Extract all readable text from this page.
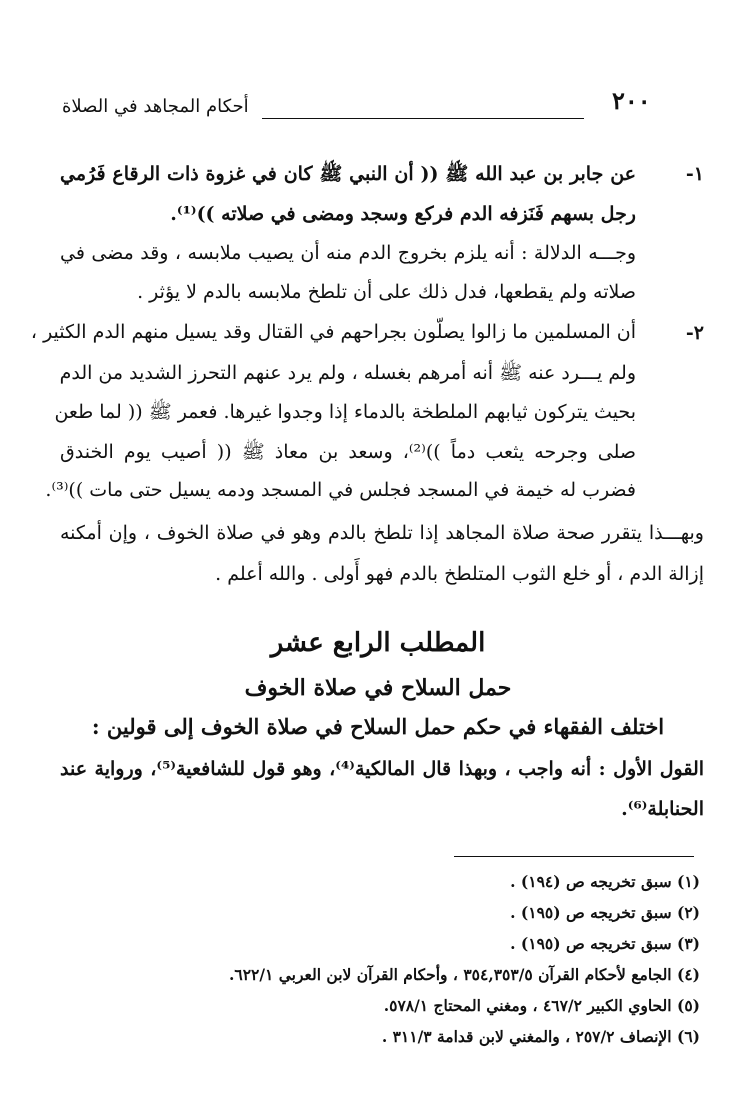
٢٠٠
أحكام المجاهد في الصلاة
١-
عن جابر بن عبد الله ﷺ (( أن النبي ﷺ كان في غزوة ذات الرقاع فَرُمي
رجل بسهم فَنَزفه الدم فركع وسجد ومضى في صلاته ))⁽¹⁾.
وجـــه الدلالة : أنه يلزم بخروج الدم منه أن يصيب ملابسه ، وقد مضى في
صلاته ولم يقطعها، فدل ذلك على أن تلطخ ملابسه بالدم لا يؤثر .
٢-
أن المسلمين ما زالوا يصلّون بجراحهم في القتال وقد يسيل منهم الدم الكثير ،
ولم يـــرد عنه ﷺ أنه أمرهم بغسله ، ولم يرد عنهم التحرز الشديد من الدم
بحيث يتركون ثيابهم الملطخة بالدماء إذا وجدوا غيرها. فعمر ﷺ (( لما طعن
صلى وجرحه يثعب دماً ))⁽²⁾، وسعد بن معاذ ﷺ (( أصيب يوم الخندق
فضرب له خيمة في المسجد فجلس في المسجد ودمه يسيل حتى مات ))⁽³⁾.
وبهـــذا يتقرر صحة صلاة المجاهد إذا تلطخ بالدم وهو في صلاة الخوف ، وإن أمكنه
إزالة الدم ، أو خلع الثوب المتلطخ بالدم فهو أَولى . والله أعلم .
المطلب الرابع عشر
حمل السلاح في صلاة الخوف
اختلف الفقهاء في حكم حمل السلاح في صلاة الخوف إلى قولين :
القول الأول : أنه واجب ، وبهذا قال المالكية⁽⁴⁾، وهو قول للشافعية⁽⁵⁾، ورواية عند
الحنابلة⁽⁶⁾.
(١) سبق تخريجه ص (١٩٤) .
(٢) سبق تخريجه ص (١٩٥) .
(٣) سبق تخريجه ص (١٩٥) .
(٤) الجامع لأحكام القرآن ٣٥٤,٣٥٣/٥ ، وأحكام القرآن لابن العربي ٦٢٢/١.
(٥) الحاوي الكبير ٤٦٧/٢ ، ومغني المحتاج ٥٧٨/١.
(٦) الإنصاف ٢٥٧/٢ ، والمغني لابن قدامة ٣١١/٣ .
